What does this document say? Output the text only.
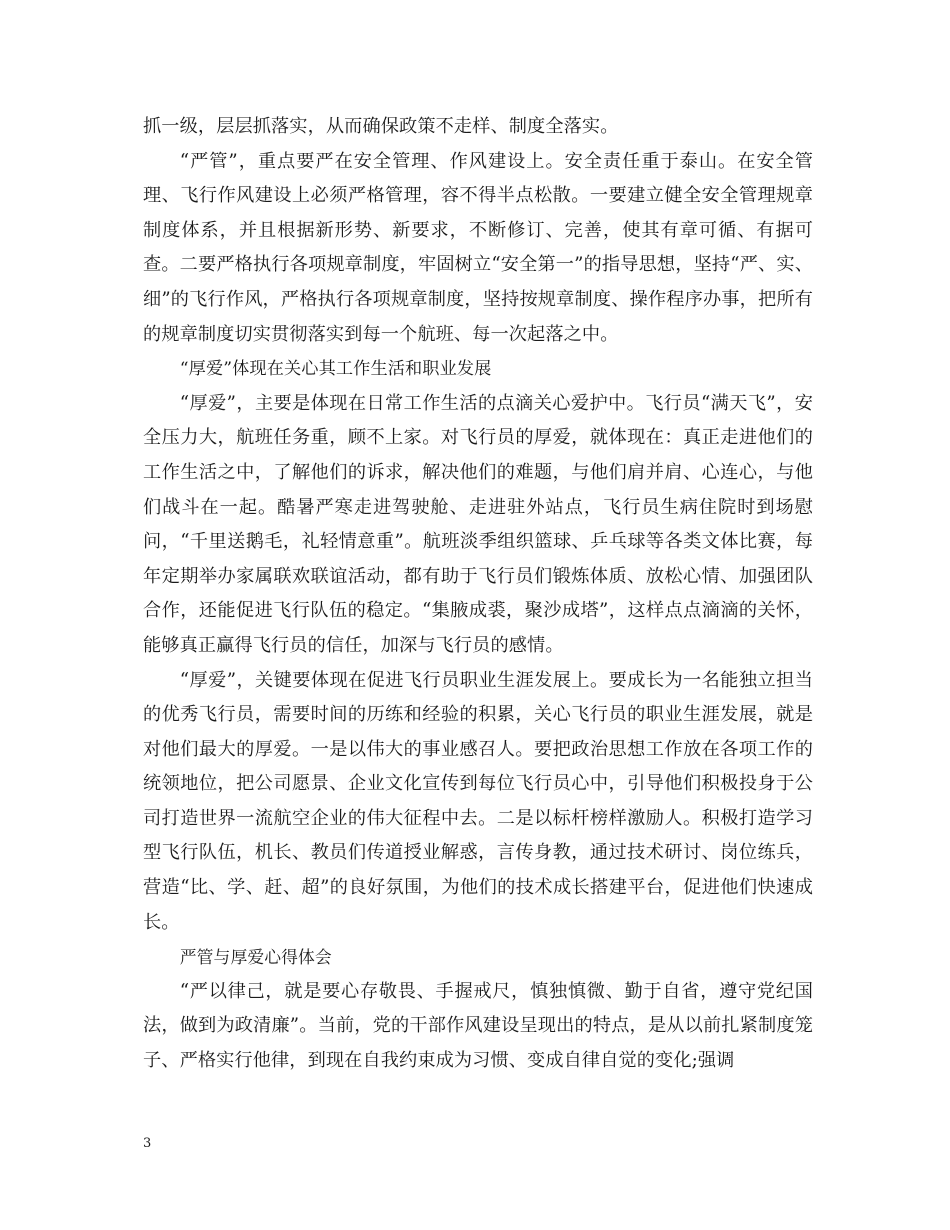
抓一级，层层抓落实，从而确保政策不走样、制度全落实。

“严管”，重点要严在安全管理、作风建设上。安全责任重于泰山。在安全管理、飞行作风建设上必须严格管理，容不得半点松散。一要建立健全安全管理规章制度体系，并且根据新形势、新要求，不断修订、完善，使其有章可循、有据可查。二要严格执行各项规章制度，牢固树立“安全第一”的指导思想，坚持“严、实、细”的飞行作风，严格执行各项规章制度，坚持按规章制度、操作程序办事，把所有的规章制度切实贯彻落实到每一个航班、每一次起落之中。

“厚爱”体现在关心其工作生活和职业发展

“厚爱”，主要是体现在日常工作生活的点滴关心爱护中。飞行员“满天飞”，安全压力大，航班任务重，顾不上家。对飞行员的厚爱，就体现在：真正走进他们的工作生活之中，了解他们的诉求，解决他们的难题，与他们肩并肩、心连心，与他们战斗在一起。酷暑严寒走进驾驶舱、走进驻外站点，飞行员生病住院时到场慰问，“千里送鹅毛，礼轻情意重”。航班淡季组织篮球、乒乓球等各类文体比赛，每年定期举办家属联欢联谊活动，都有助于飞行员们锻炼体质、放松心情、加强团队合作，还能促进飞行队伍的稳定。“集腋成裘，聚沙成塔”，这样点点滴滴的关怀，能够真正赢得飞行员的信任，加深与飞行员的感情。

“厚爱”，关键要体现在促进飞行员职业生涯发展上。要成长为一名能独立担当的优秀飞行员，需要时间的历练和经验的积累，关心飞行员的职业生涯发展，就是对他们最大的厚爱。一是以伟大的事业感召人。要把政治思想工作放在各项工作的统领地位，把公司愿景、企业文化宣传到每位飞行员心中，引导他们积极投身于公司打造世界一流航空企业的伟大征程中去。二是以标杆榜样激励人。积极打造学习型飞行队伍，机长、教员们传道授业解惑，言传身教，通过技术研讨、岗位练兵，营造“比、学、赶、超”的良好氛围，为他们的技术成长搭建平台，促进他们快速成长。

严管与厚爱心得体会

“严以律己，就是要心存敬畏、手握戒尺，慎独慎微、勤于自省，遵守党纪国法，做到为政清廉”。当前，党的干部作风建设呈现出的特点，是从以前扎紧制度笼子、严格实行他律，到现在自我约束成为习惯、变成自律自觉的变化;强调

3
